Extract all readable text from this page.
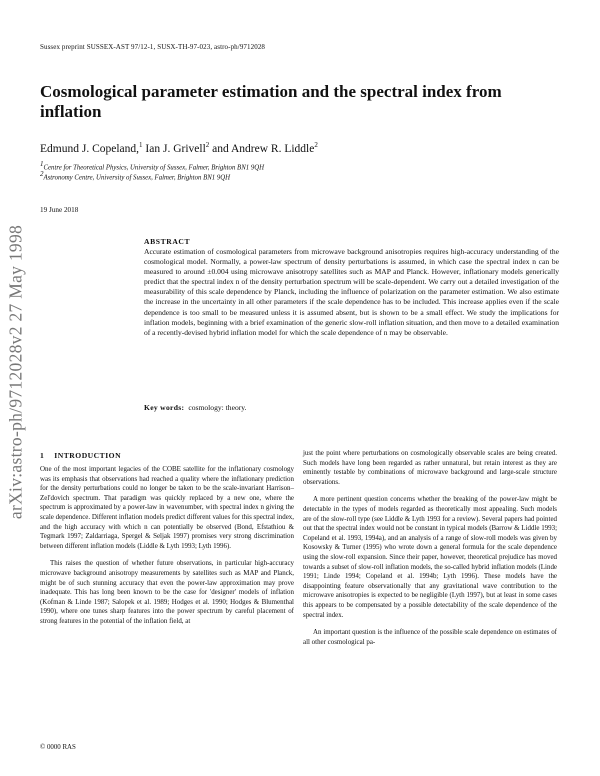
Sussex preprint SUSSEX-AST 97/12-1, SUSX-TH-97-023, astro-ph/9712028
Cosmological parameter estimation and the spectral index from inflation
Edmund J. Copeland,$^1$ Ian J. Grivell$^2$ and Andrew R. Liddle$^2$
$^1$Centre for Theoretical Physics, University of Sussex, Falmer, Brighton BN1 9QH
$^2$Astronomy Centre, University of Sussex, Falmer, Brighton BN1 9QH
19 June 2018
arXiv:astro-ph/9712028v2 27 May 1998	ABSTRACT
Accurate estimation of cosmological parameters from microwave background anisotropies requires high-accuracy understanding of the cosmological model. Normally, a power-law spectrum of density perturbations is assumed, in which case the spectral index n can be measured to around ±0.004 using microwave anisotropy satellites such as MAP and Planck. However, inflationary models generically predict that the spectral index n of the density perturbation spectrum will be scale-dependent. We carry out a detailed investigation of the measurability of this scale dependence by Planck, including the influence of polarization on the parameter estimation. We also estimate the increase in the uncertainty in all other parameters if the scale dependence has to be included. This increase applies even if the scale dependence is too small to be measured unless it is assumed absent, but is shown to be a small effect. We study the implications for inflation models, beginning with a brief examination of the generic slow-roll inflation situation, and then move to a detailed examination of a recently-devised hybrid inflation model for which the scale dependence of n may be observable.
Key words: cosmology: theory.
1 INTRODUCTION

One of the most important legacies of the COBE satellite for the inflationary cosmology was its emphasis that observations had reached a quality where the inflationary prediction for the density perturbations could no longer be taken to be the scale-invariant Harrison–Zel'dovich spectrum. That paradigm was quickly replaced by a new one, where the spectrum is approximated by a power-law in wavenumber, with spectral index n giving the scale dependence. Different inflation models predict different values for this spectral index, and the high accuracy with which n can potentially be observed (Bond, Efstathiou & Tegmark 1997; Zaldarriaga, Spergel & Seljak 1997) promises very strong discrimination between different inflation models (Liddle & Lyth 1993; Lyth 1996).

This raises the question of whether future observations, in particular high-accuracy microwave background anisotropy measurements by satellites such as MAP and Planck, might be of such stunning accuracy that even the power-law approximation may prove inadequate. This has long been known to be the case for 'designer' models of inflation (Kofman & Linde 1987; Salopek et al. 1989; Hodges et al. 1990; Hodges & Blumenthal 1990), where one tunes sharp features into the power spectrum by careful placement of strong features in the potential of the inflation field, at

just the point where perturbations on cosmologically observable scales are being created. Such models have long been regarded as rather unnatural, but retain interest as they are eminently testable by combinations of microwave background and large-scale structure observations.

A more pertinent question concerns whether the breaking of the power-law might be detectable in the types of models regarded as theoretically most appealing. Such models are of the slow-roll type (see Liddle & Lyth 1993 for a review). Several papers had pointed out that the spectral index would not be constant in typical models (Barrow & Liddle 1993; Copeland et al. 1993, 1994a), and an analysis of a range of slow-roll models was given by Kosowsky & Turner (1995) who wrote down a general formula for the scale dependence using the slow-roll expansion. Since their paper, however, theoretical prejudice has moved towards a subset of slow-roll inflation models, the so-called hybrid inflation models (Linde 1991; Linde 1994; Copeland et al. 1994b; Lyth 1996). These models have the disappointing feature observationally that any gravitational wave contribution to the microwave anisotropies is expected to be negligible (Lyth 1997), but at least in some cases this appears to be compensated by a possible detectability of the scale dependence of the spectral index.

An important question is the influence of the possible scale dependence on estimates of all other cosmological pa-

© 0000 RAS
